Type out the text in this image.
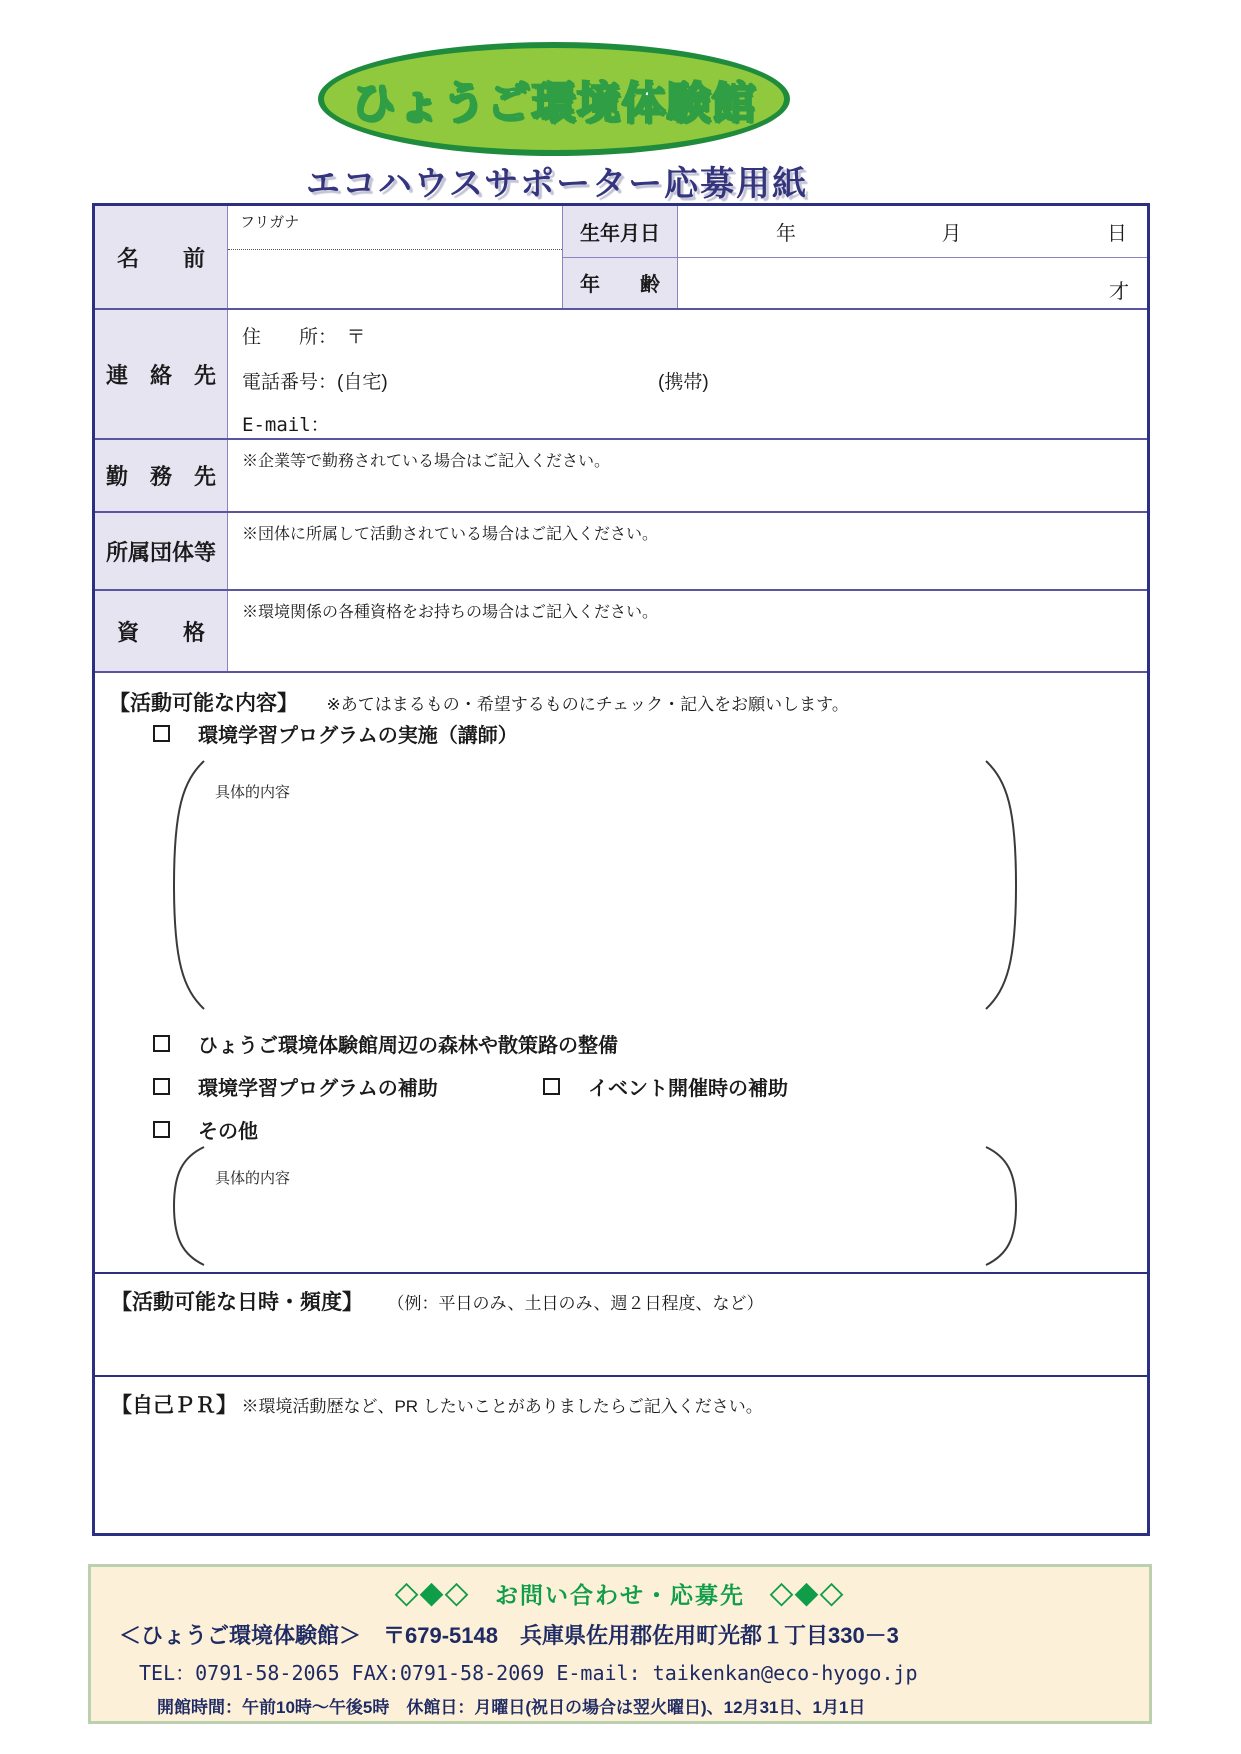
ひょうご環境体験館
エコハウスサポーター応募用紙
名　　前
フリガナ
生年月日	年	月	日
年　　齢	才
連　絡　先
住　　所：　〒
電話番号：(自宅)	(携帯)
E-mail：
勤　務　先
※企業等で勤務されている場合はご記入ください。
所属団体等
※団体に所属して活動されている場合はご記入ください。
資　　格
※環境関係の各種資格をお持ちの場合はご記入ください。
【活動可能な内容】 ※あてはまるもの・希望するものにチェック・記入をお願いします。
環境学習プログラムの実施（講師）
具体的内容
ひょうご環境体験館周辺の森林や散策路の整備
環境学習プログラムの補助	イベント開催時の補助
その他
具体的内容
【活動可能な日時・頻度】 （例：平日のみ、土日のみ、週２日程度、など）
【自己ＰＲ】 ※環境活動歴など、PR したいことがありましたらご記入ください。
◇◆◇　お問い合わせ・応募先　◇◆◇
＜ひょうご環境体験館＞　〒679-5148　兵庫県佐用郡佐用町光都１丁目330－3
TEL：0791-58-2065 FAX:0791-58-2069 E-mail: taikenkan@eco-hyogo.jp
開館時間：午前10時～午後5時　休館日：月曜日(祝日の場合は翌火曜日)、12月31日、1月1日
